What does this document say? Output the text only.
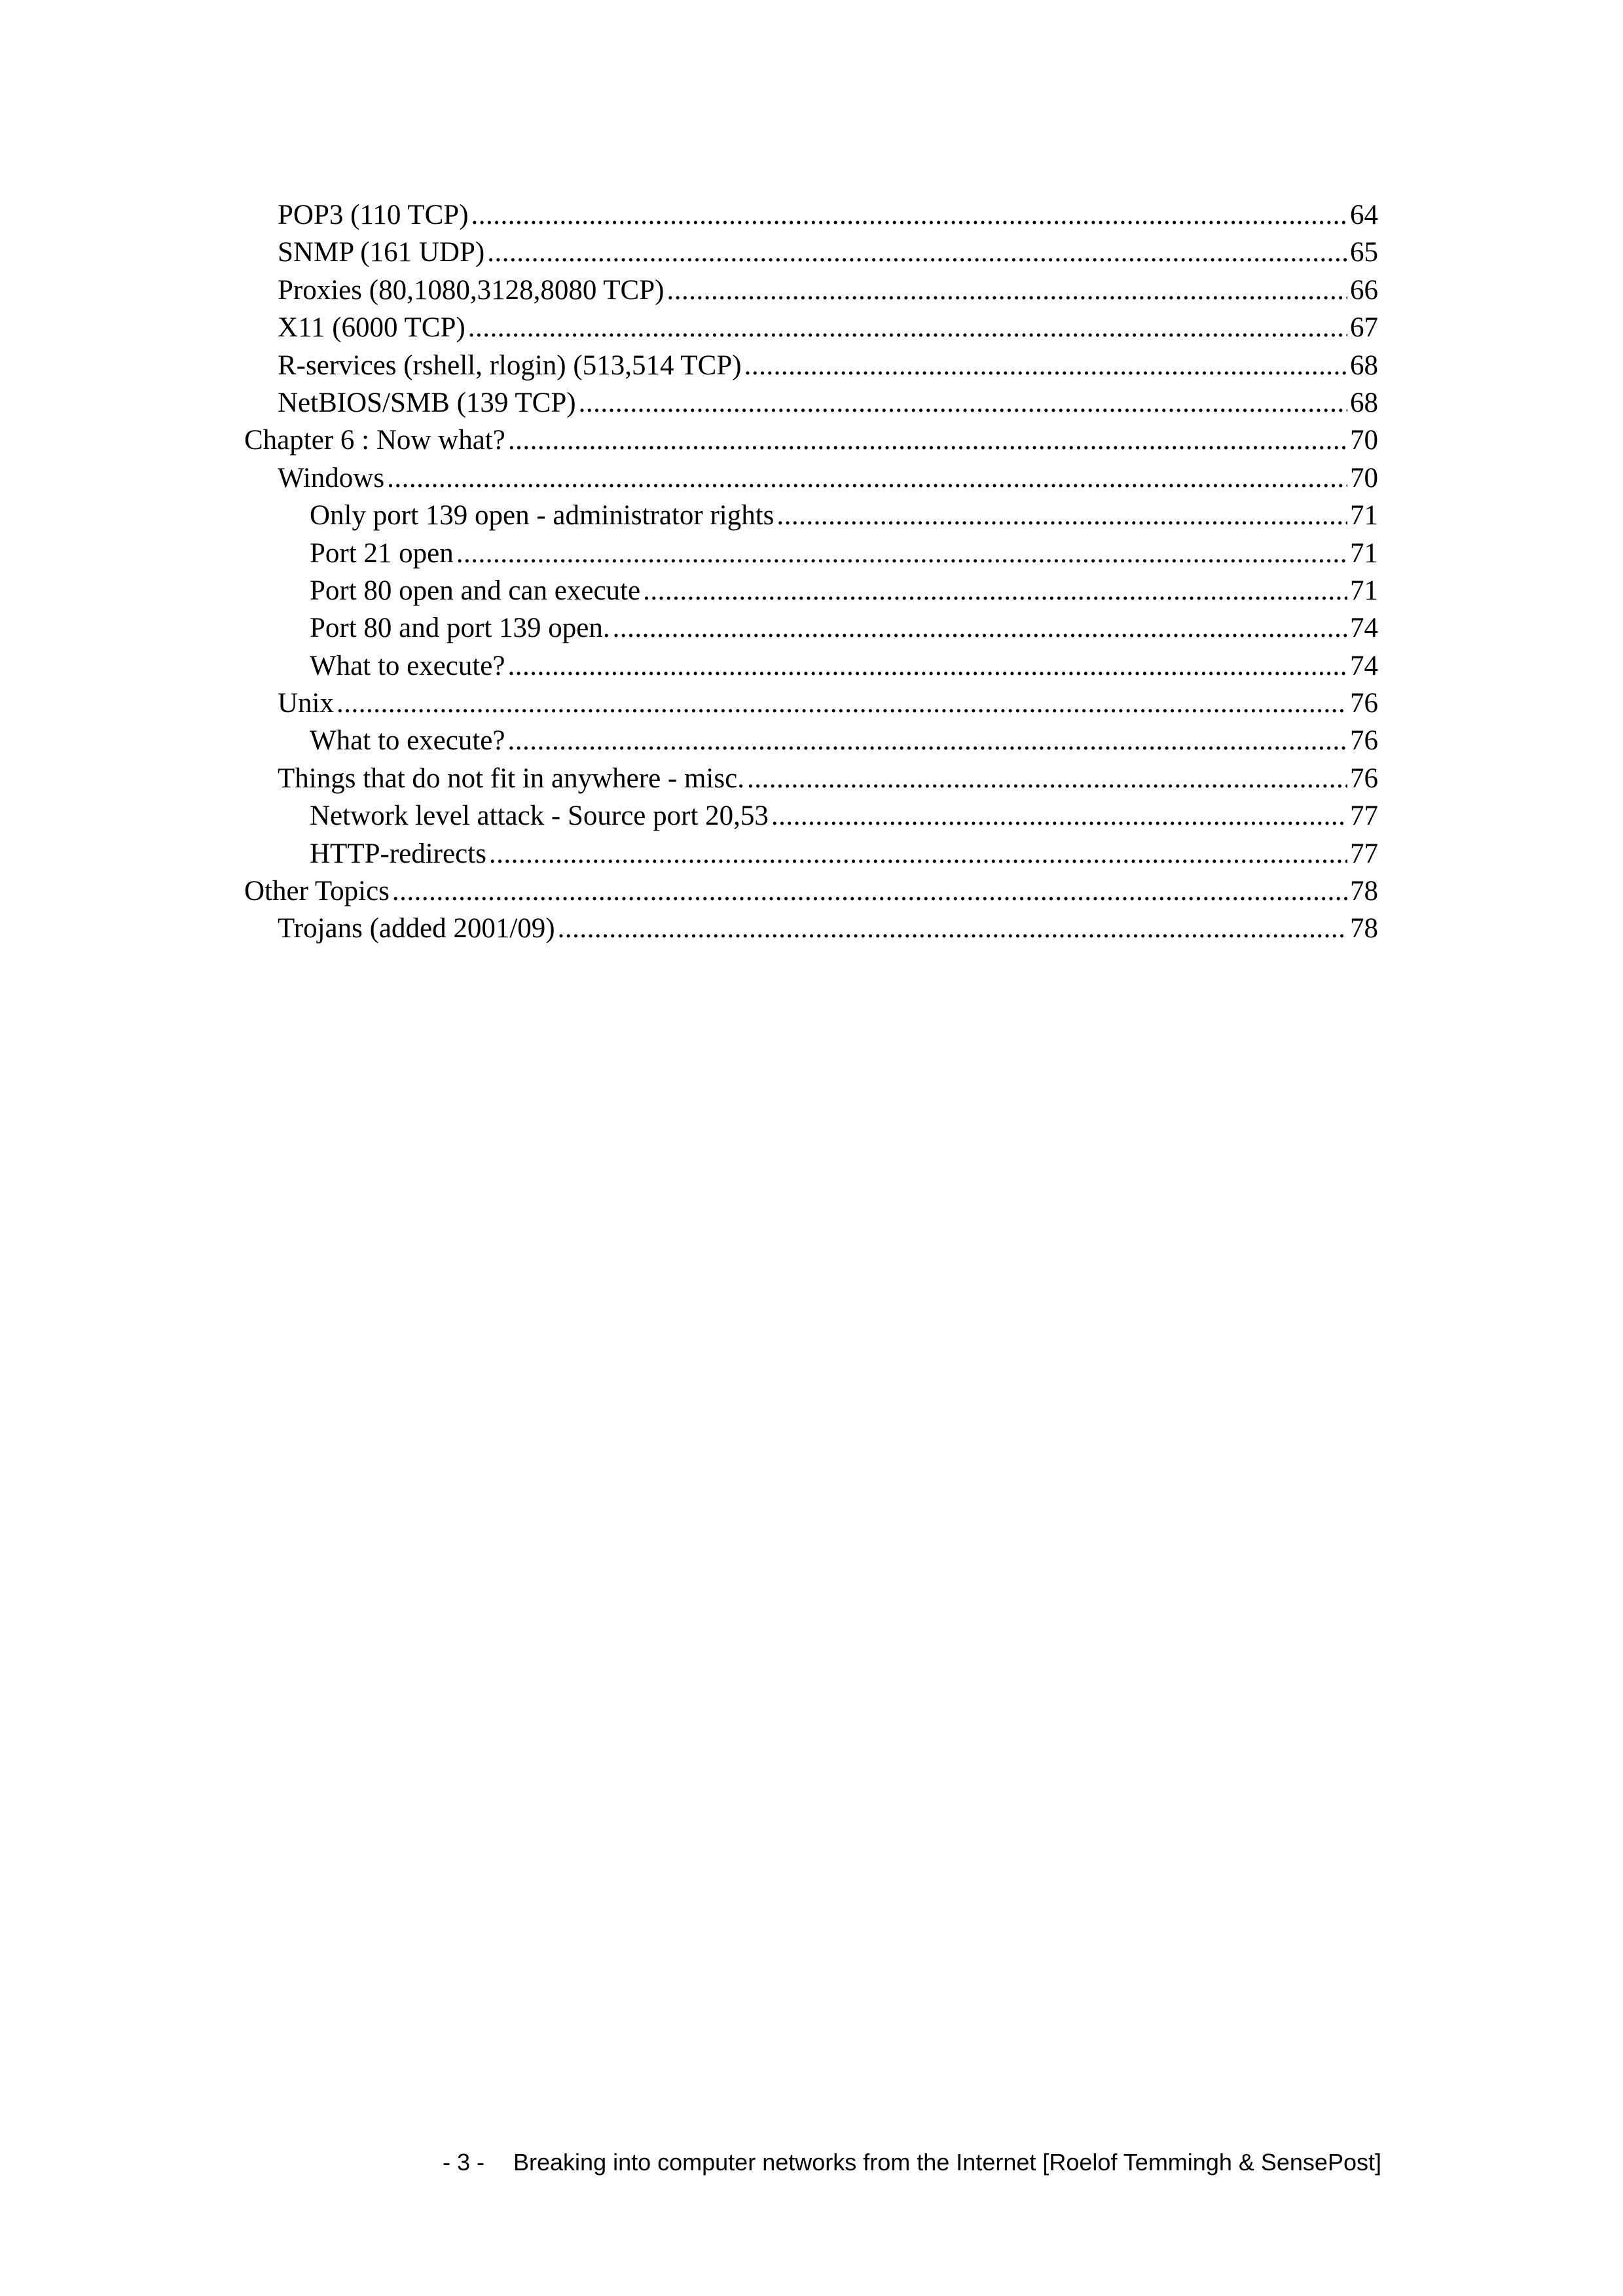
POP3 (110 TCP) .....	64
SNMP (161 UDP) .....	65
Proxies (80,1080,3128,8080 TCP) .....	66
X11 (6000 TCP) .....	67
R-services (rshell, rlogin) (513,514 TCP) .....	68
NetBIOS/SMB (139 TCP) .....	68
Chapter 6 : Now what? .....	70
Windows .....	70
Only port 139 open - administrator rights .....	71
Port 21 open .....	71
Port 80 open and can execute .....	71
Port 80 and port 139 open. .....	74
What to execute? .....	74
Unix .....	76
What to execute? .....	76
Things that do not fit in anywhere - misc. .....	76
Network level attack - Source port 20,53 .....	77
HTTP-redirects .....	77
Other Topics .....	78
Trojans (added 2001/09) .....	78
- 3 - Breaking into computer networks from the Internet [Roelof Temmingh & SensePost]
